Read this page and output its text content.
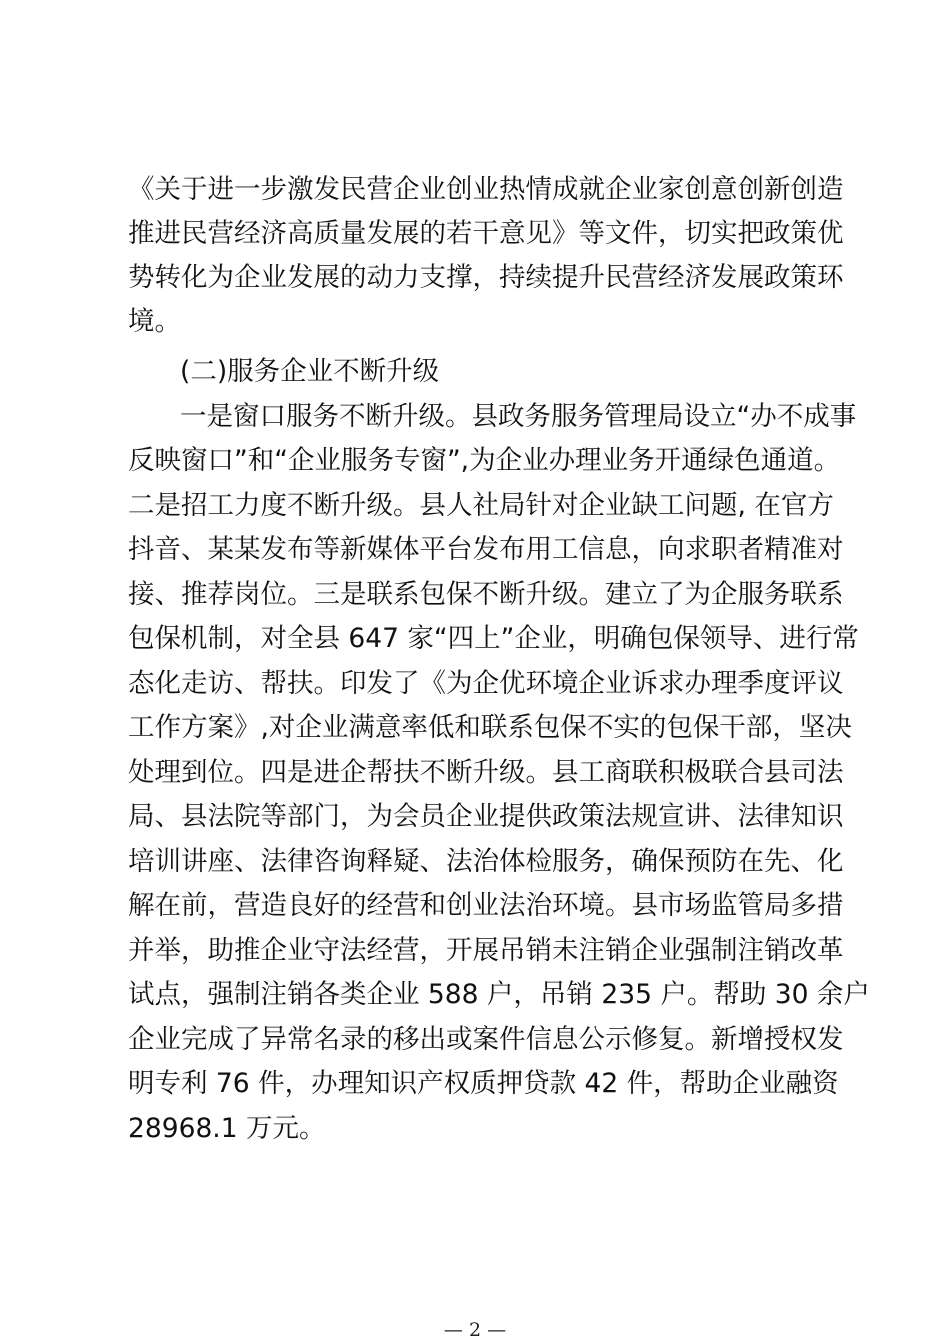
《关于进一步激发民营企业创业热情成就企业家创意创新创造
推进民营经济高质量发展的若干意见》等文件，切实把政策优
势转化为企业发展的动力支撑，持续提升民营经济发展政策环
境。
(二)服务企业不断升级
一是窗口服务不断升级。县政务服务管理局设立“办不成事
反映窗口”和“企业服务专窗”,为企业办理业务开通绿色通道。
二是招工力度不断升级。县人社局针对企业缺工问题, 在官方
抖音、某某发布等新媒体平台发布用工信息，向求职者精准对
接、推荐岗位。三是联系包保不断升级。建立了为企服务联系
包保机制，对全县 647 家“四上”企业，明确包保领导、进行常
态化走访、帮扶。印发了《为企优环境企业诉求办理季度评议
工作方案》,对企业满意率低和联系包保不实的包保干部，坚决
处理到位。四是进企帮扶不断升级。县工商联积极联合县司法
局、县法院等部门，为会员企业提供政策法规宣讲、法律知识
培训讲座、法律咨询释疑、法治体检服务，确保预防在先、化
解在前，营造良好的经营和创业法治环境。县市场监管局多措
并举，助推企业守法经营，开展吊销未注销企业强制注销改革
试点，强制注销各类企业 588 户，吊销 235 户。帮助 30 余户
企业完成了异常名录的移出或案件信息公示修复。新增授权发
明专利 76 件，办理知识产权质押贷款 42 件，帮助企业融资
28968.1 万元。
— 2 —
